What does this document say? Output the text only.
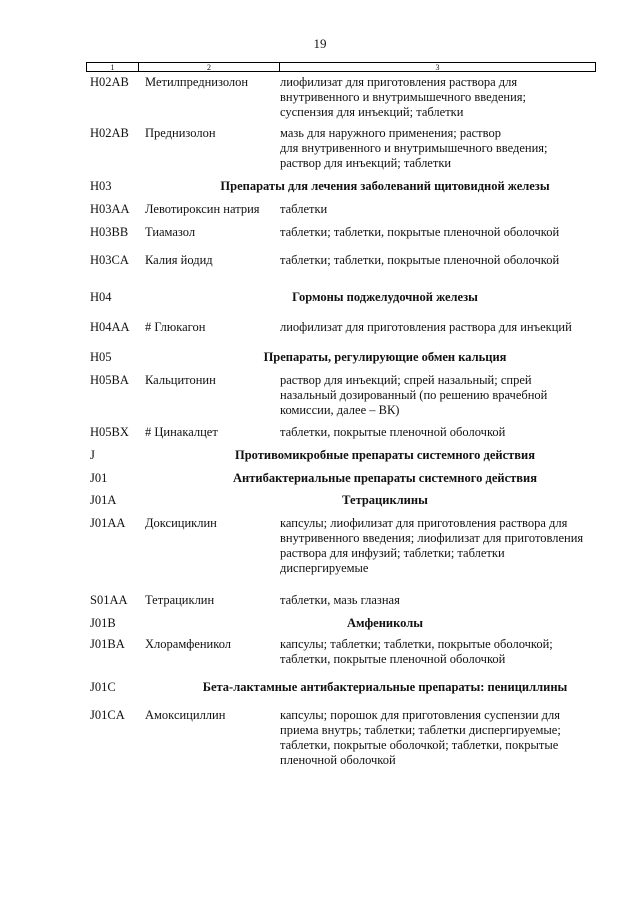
19
1	2	3
H02AB	Метилпреднизолон	лиофилизат для приготовления раствора для
внутривенного и внутримышечного введения;
суспензия для инъекций; таблетки
H02AB	Преднизолон	мазь для наружного применения; раствор
для внутривенного и внутримышечного введения;
раствор для инъекций; таблетки
H03	Препараты для лечения заболеваний щитовидной железы
H03AA	Левотироксин натрия	таблетки
H03BB	Тиамазол	таблетки; таблетки, покрытые пленочной оболочкой
H03CA	Калия йодид	таблетки; таблетки, покрытые пленочной оболочкой
H04	Гормоны поджелудочной железы
H04AA	# Глюкагон	лиофилизат для приготовления раствора для инъекций
H05	Препараты, регулирующие обмен кальция
H05BA	Кальцитонин	раствор для инъекций; спрей назальный; спрей
назальный дозированный (по решению врачебной
комиссии, далее – ВК)
H05BX	# Цинакалцет	таблетки, покрытые пленочной оболочкой
J	Противомикробные препараты системного действия
J01	Антибактериальные препараты системного действия
J01A	Тетрациклины
J01AA	Доксициклин	капсулы; лиофилизат для приготовления раствора для
внутривенного введения; лиофилизат для приготовления
раствора для инфузий; таблетки; таблетки
диспергируемые
S01AA	Тетрациклин	таблетки, мазь глазная
J01B	Амфениколы
J01BA	Хлорамфеникол	капсулы; таблетки; таблетки, покрытые оболочкой;
таблетки, покрытые пленочной оболочкой
J01C	Бета-лактамные антибактериальные препараты: пенициллины
J01CA	Амоксициллин	капсулы; порошок для приготовления суспензии для
приема внутрь; таблетки; таблетки диспергируемые;
таблетки, покрытые оболочкой; таблетки, покрытые
пленочной оболочкой
